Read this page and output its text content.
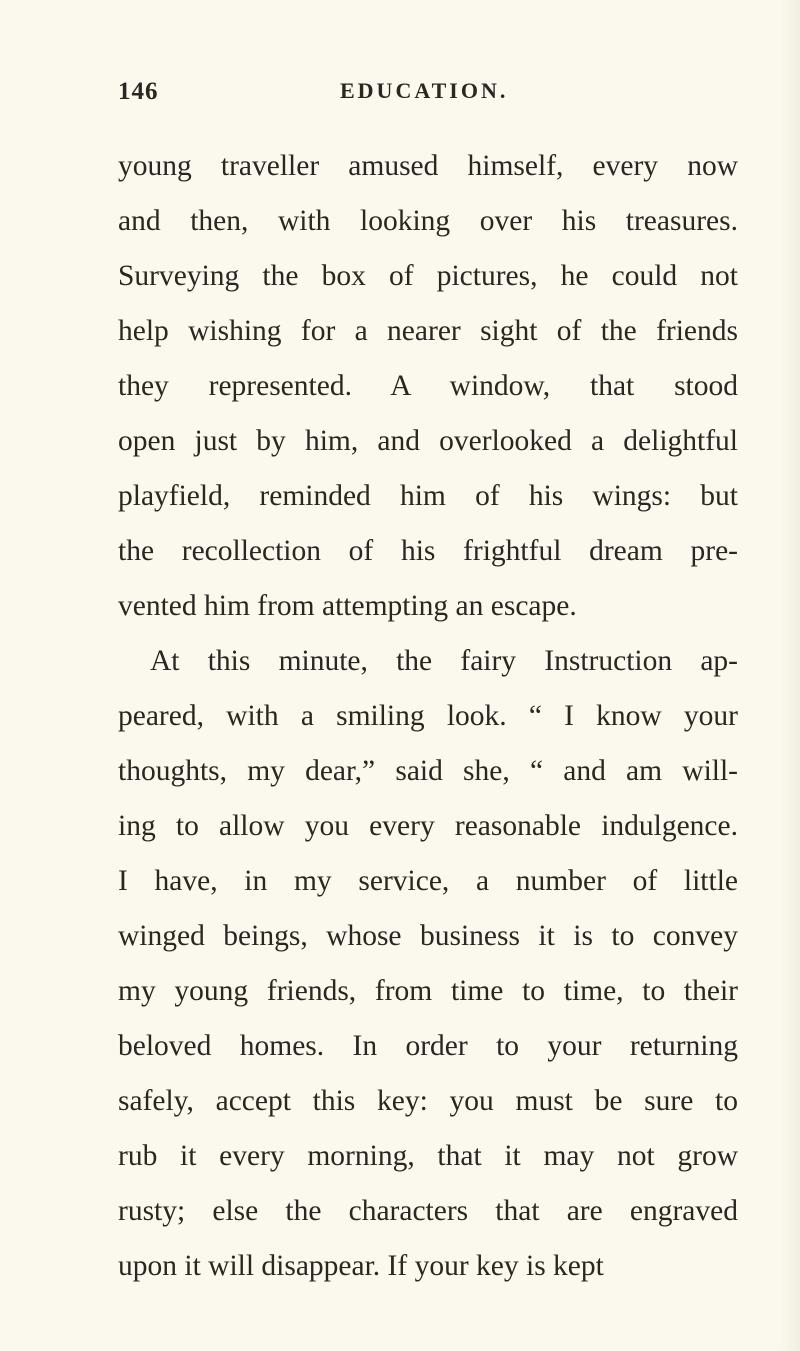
146	EDUCATION.
young traveller amused himself, every now
and then, with looking over his treasures.
Surveying the box of pictures, he could not
help wishing for a nearer sight of the friends
they represented. A window, that stood
open just by him, and overlooked a delightful
playfield, reminded him of his wings: but
the recollection of his frightful dream pre-
vented him from attempting an escape.
At this minute, the fairy Instruction ap-
peared, with a smiling look. “ I know your
thoughts, my dear,” said she, “ and am will-
ing to allow you every reasonable indulgence.
I have, in my service, a number of little
winged beings, whose business it is to convey
my young friends, from time to time, to their
beloved homes. In order to your returning
safely, accept this key: you must be sure to
rub it every morning, that it may not grow
rusty; else the characters that are engraved
upon it will disappear. If your key is kept
